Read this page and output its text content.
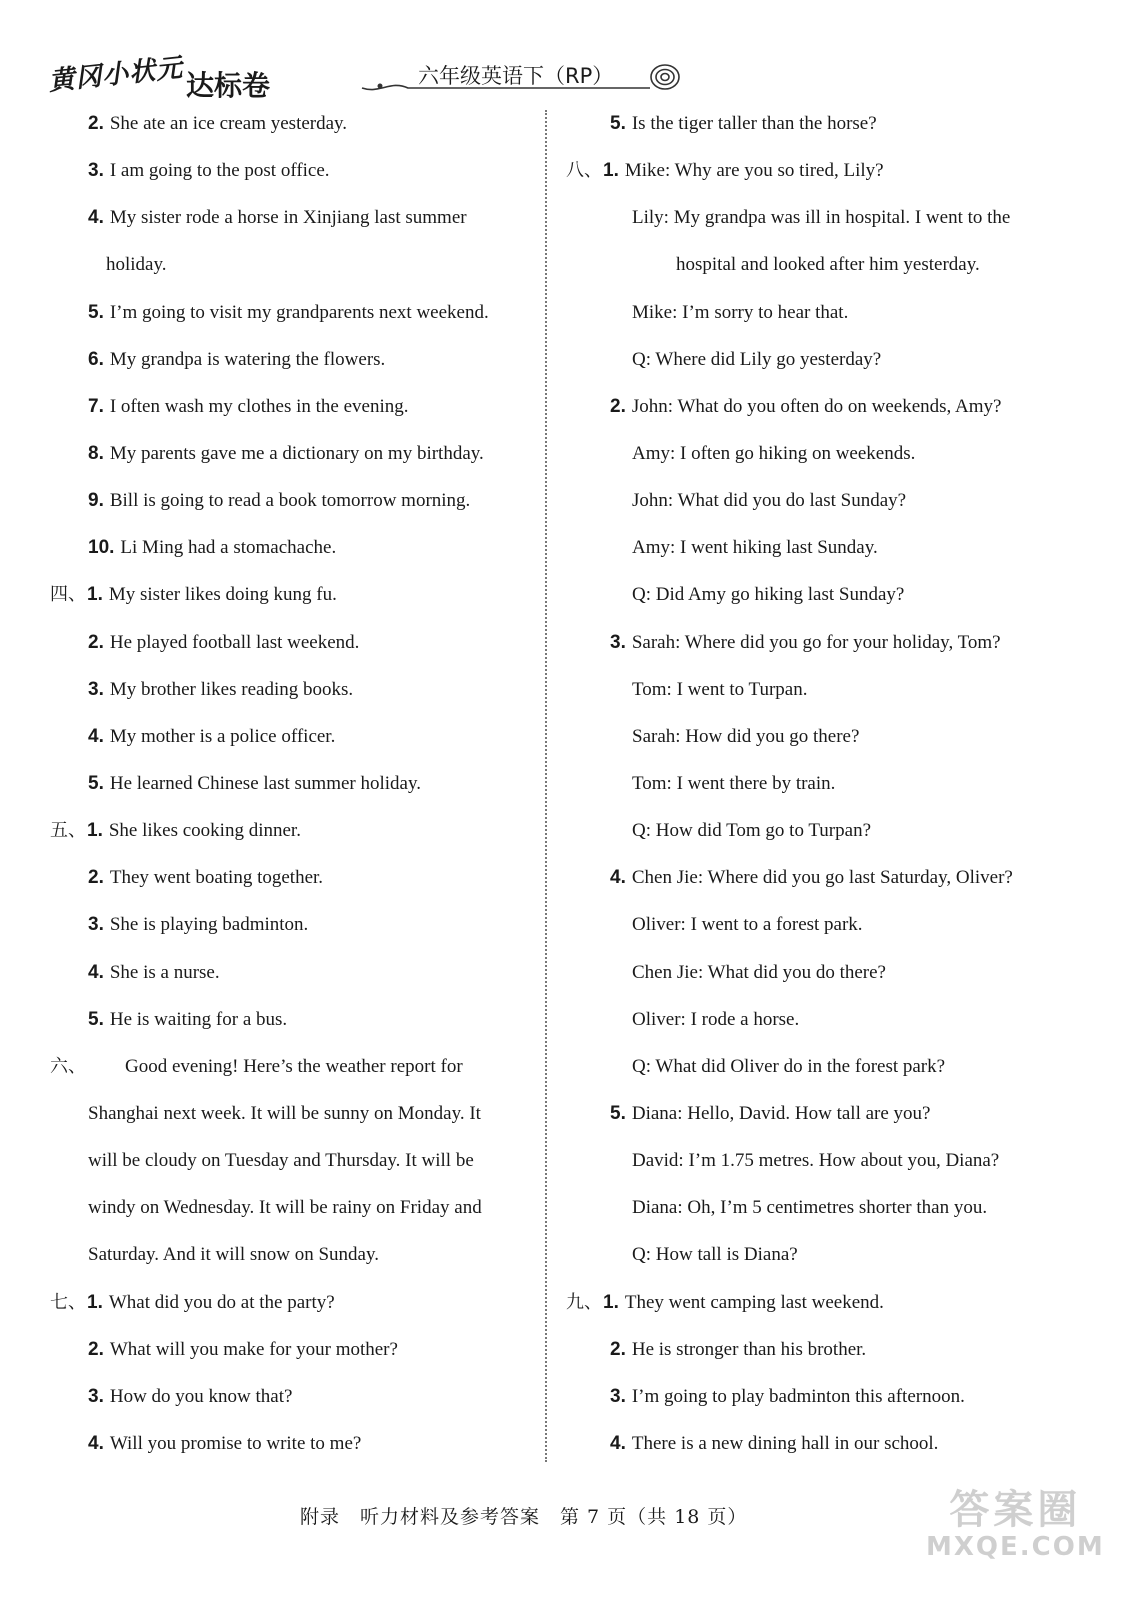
黄冈小状元 达标卷	六年级英语下（RP）
2. She ate an ice cream yesterday.
3. I am going to the post office.
4. My sister rode a horse in Xinjiang last summer
holiday.
5. I’m going to visit my grandparents next weekend.
6. My grandpa is watering the flowers.
7. I often wash my clothes in the evening.
8. My parents gave me a dictionary on my birthday.
9. Bill is going to read a book tomorrow morning.
10. Li Ming had a stomachache.
四、1. My sister likes doing kung fu.
2. He played football last weekend.
3. My brother likes reading books.
4. My mother is a police officer.
5. He learned Chinese last summer holiday.
五、1. She likes cooking dinner.
2. They went boating together.
3. She is playing badminton.
4. She is a nurse.
5. He is waiting for a bus.
六、 Good evening! Here’s the weather report for
Shanghai next week. It will be sunny on Monday. It
will be cloudy on Tuesday and Thursday. It will be
windy on Wednesday. It will be rainy on Friday and
Saturday. And it will snow on Sunday.
七、1. What did you do at the party?
2. What will you make for your mother?
3. How do you know that?
4. Will you promise to write to me?
5. Is the tiger taller than the horse?
八、1. Mike: Why are you so tired, Lily?
Lily: My grandpa was ill in hospital. I went to the
hospital and looked after him yesterday.
Mike: I’m sorry to hear that.
Q: Where did Lily go yesterday?
2. John: What do you often do on weekends, Amy?
Amy: I often go hiking on weekends.
John: What did you do last Sunday?
Amy: I went hiking last Sunday.
Q: Did Amy go hiking last Sunday?
3. Sarah: Where did you go for your holiday, Tom?
Tom: I went to Turpan.
Sarah: How did you go there?
Tom: I went there by train.
Q: How did Tom go to Turpan?
4. Chen Jie: Where did you go last Saturday, Oliver?
Oliver: I went to a forest park.
Chen Jie: What did you do there?
Oliver: I rode a horse.
Q: What did Oliver do in the forest park?
5. Diana: Hello, David. How tall are you?
David: I’m 1.75 metres. How about you, Diana?
Diana: Oh, I’m 5 centimetres shorter than you.
Q: How tall is Diana?
九、1. They went camping last weekend.
2. He is stronger than his brother.
3. I’m going to play badminton this afternoon.
4. There is a new dining hall in our school.
附录　听力材料及参考答案　第 7 页（共 18 页）	答案圈
MXQE.COM
